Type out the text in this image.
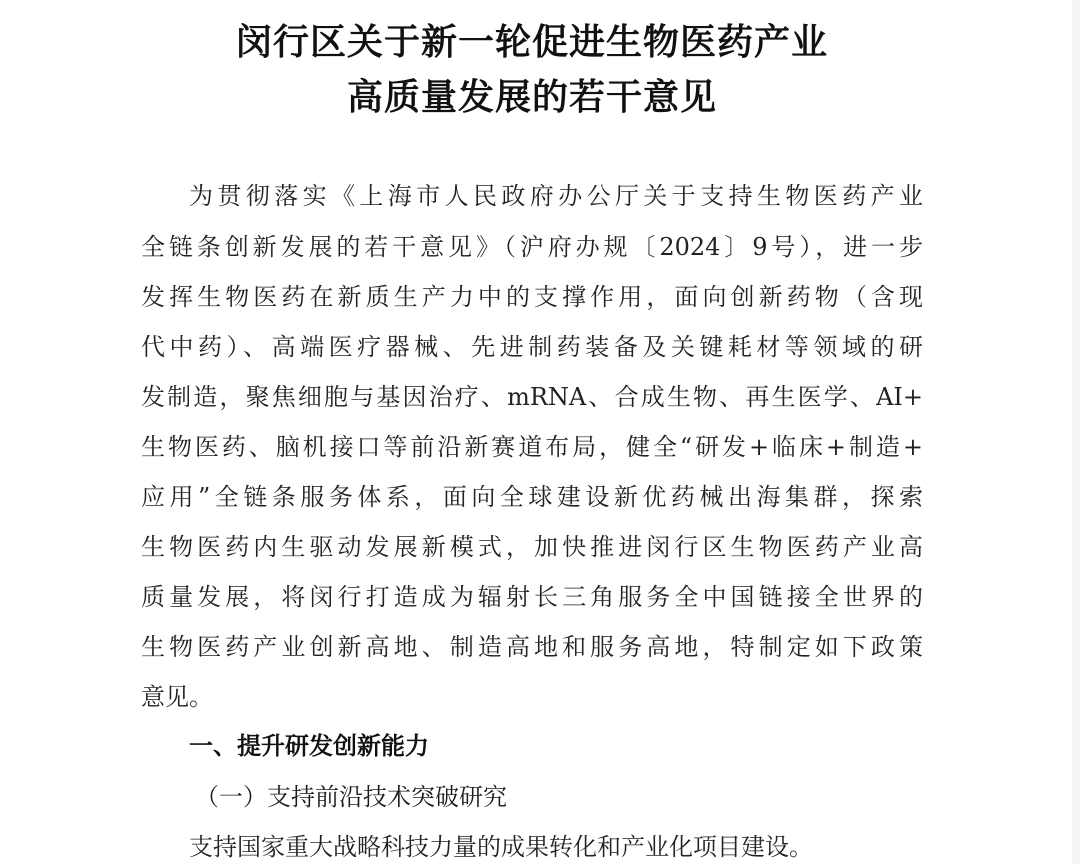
闵行区关于新一轮促进生物医药产业
高质量发展的若干意见
为贯彻落实《上海市人民政府办公厅关于支持生物医药产业
全链条创新发展的若干意见》（沪府办规〔2024〕9号），进一步
发挥生物医药在新质生产力中的支撑作用，面向创新药物（含现
代中药）、高端医疗器械、先进制药装备及关键耗材等领域的研
发制造，聚焦细胞与基因治疗、mRNA、合成生物、再生医学、AI+
生物医药、脑机接口等前沿新赛道布局，健全“研发+临床+制造+
应用”全链条服务体系，面向全球建设新优药械出海集群，探索
生物医药内生驱动发展新模式，加快推进闵行区生物医药产业高
质量发展，将闵行打造成为辐射长三角服务全中国链接全世界的
生物医药产业创新高地、制造高地和服务高地，特制定如下政策
意见。
一、提升研发创新能力
（一）支持前沿技术突破研究
支持国家重大战略科技力量的成果转化和产业化项目建设。
